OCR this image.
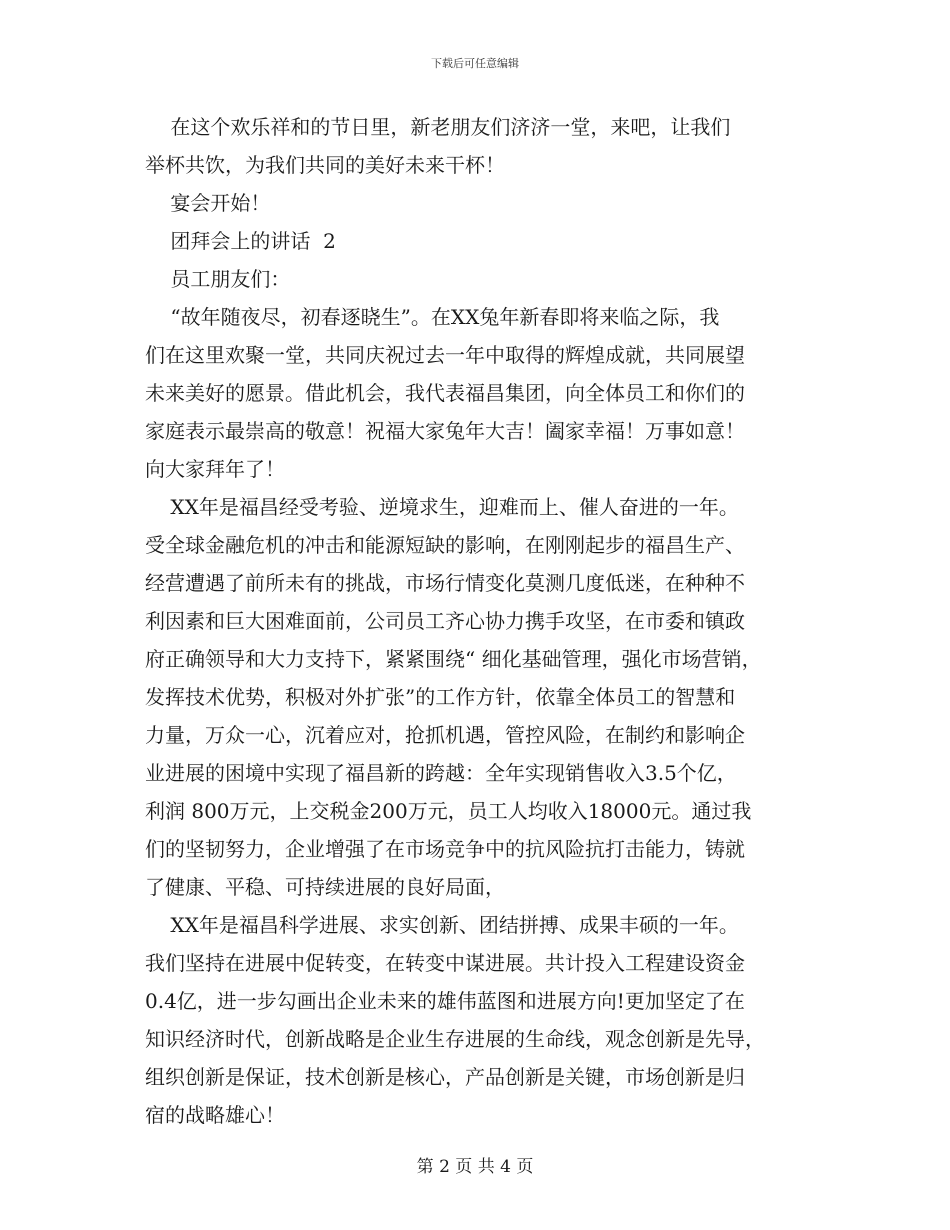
下载后可任意编辑
在这个欢乐祥和的节日里，新老朋友们济济一堂，来吧，让我们
举杯共饮，为我们共同的美好未来干杯！
宴会开始！
团拜会上的讲话  2
员工朋友们：
“故年随夜尽，初春逐晓生”。在XX兔年新春即将来临之际，我
们在这里欢聚一堂，共同庆祝过去一年中取得的辉煌成就，共同展望
未来美好的愿景。借此机会，我代表福昌集团，向全体员工和你们的
家庭表示最崇高的敬意！祝福大家兔年大吉！阖家幸福！万事如意！
向大家拜年了！
XX年是福昌经受考验、逆境求生，迎难而上、催人奋进的一年。
受全球金融危机的冲击和能源短缺的影响，在刚刚起步的福昌生产、
经营遭遇了前所未有的挑战，市场行情变化莫测几度低迷，在种种不
利因素和巨大困难面前，公司员工齐心协力携手攻坚，在市委和镇政
府正确领导和大力支持下，紧紧围绕“ 细化基础管理，强化市场营销，
发挥技术优势，积极对外扩张”的工作方针，依靠全体员工的智慧和
力量，万众一心，沉着应对，抢抓机遇，管控风险，在制约和影响企
业进展的困境中实现了福昌新的跨越：全年实现销售收入3.5个亿，
利润 800万元，上交税金200万元，员工人均收入18000元。通过我
们的坚韧努力，企业增强了在市场竞争中的抗风险抗打击能力，铸就
了健康、平稳、可持续进展的良好局面，
XX年是福昌科学进展、求实创新、团结拼搏、成果丰硕的一年。
我们坚持在进展中促转变，在转变中谋进展。共计投入工程建设资金
0.4亿，进一步勾画出企业未来的雄伟蓝图和进展方向!更加坚定了在
知识经济时代，创新战略是企业生存进展的生命线，观念创新是先导，
组织创新是保证，技术创新是核心，产品创新是关键，市场创新是归
宿的战略雄心！
第 2 页 共 4 页
